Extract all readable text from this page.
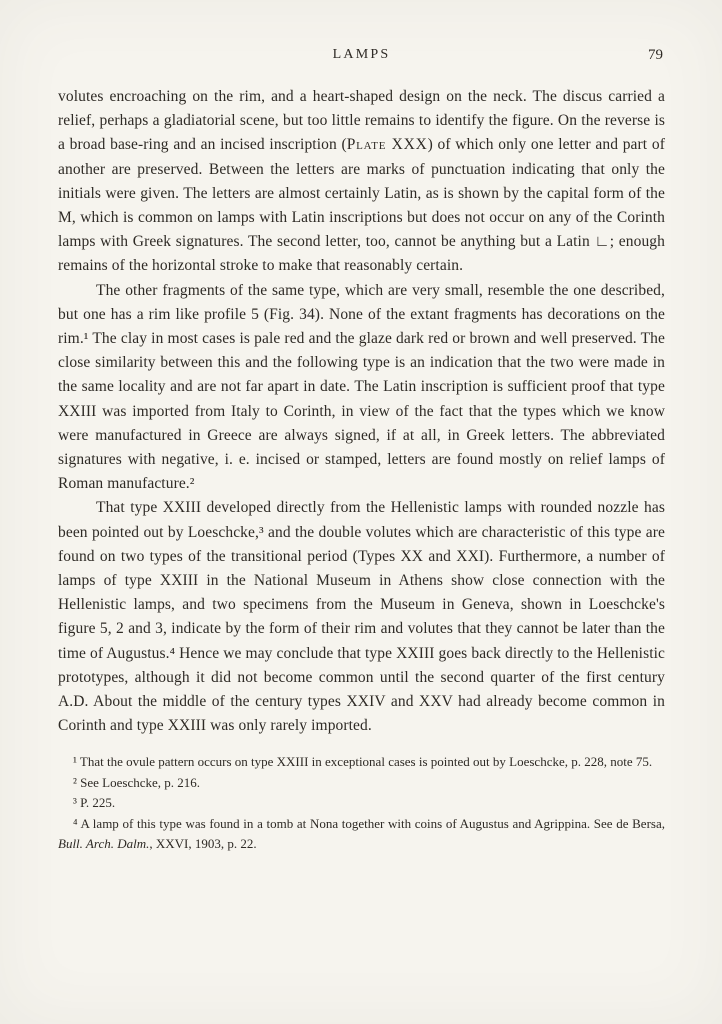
LAMPS	79

volutes encroaching on the rim, and a heart-shaped design on the neck. The discus carried a relief, perhaps a gladiatorial scene, but too little remains to identify the figure. On the reverse is a broad base-ring and an incised inscription (Plate XXX) of which only one letter and part of another are preserved. Between the letters are marks of punctuation indicating that only the initials were given. The letters are almost certainly Latin, as is shown by the capital form of the M, which is common on lamps with Latin inscriptions but does not occur on any of the Corinth lamps with Greek signatures. The second letter, too, cannot be anything but a Latin ∟; enough remains of the horizontal stroke to make that reasonably certain.

The other fragments of the same type, which are very small, resemble the one described, but one has a rim like profile 5 (Fig. 34). None of the extant fragments has decorations on the rim.¹ The clay in most cases is pale red and the glaze dark red or brown and well preserved. The close similarity between this and the following type is an indication that the two were made in the same locality and are not far apart in date. The Latin inscription is sufficient proof that type XXIII was imported from Italy to Corinth, in view of the fact that the types which we know were manufactured in Greece are always signed, if at all, in Greek letters. The abbreviated signatures with negative, i. e. incised or stamped, letters are found mostly on relief lamps of Roman manufacture.²

That type XXIII developed directly from the Hellenistic lamps with rounded nozzle has been pointed out by Loeschcke,³ and the double volutes which are characteristic of this type are found on two types of the transitional period (Types XX and XXI). Furthermore, a number of lamps of type XXIII in the National Museum in Athens show close connection with the Hellenistic lamps, and two specimens from the Museum in Geneva, shown in Loeschcke's figure 5, 2 and 3, indicate by the form of their rim and volutes that they cannot be later than the time of Augustus.⁴ Hence we may conclude that type XXIII goes back directly to the Hellenistic prototypes, although it did not become common until the second quarter of the first century A.D. About the middle of the century types XXIV and XXV had already become common in Corinth and type XXIII was only rarely imported.

¹ That the ovule pattern occurs on type XXIII in exceptional cases is pointed out by Loeschcke, p. 228, note 75.

² See Loeschcke, p. 216.

³ P. 225.

⁴ A lamp of this type was found in a tomb at Nona together with coins of Augustus and Agrippina. See de Bersa, Bull. Arch. Dalm., XXVI, 1903, p. 22.
